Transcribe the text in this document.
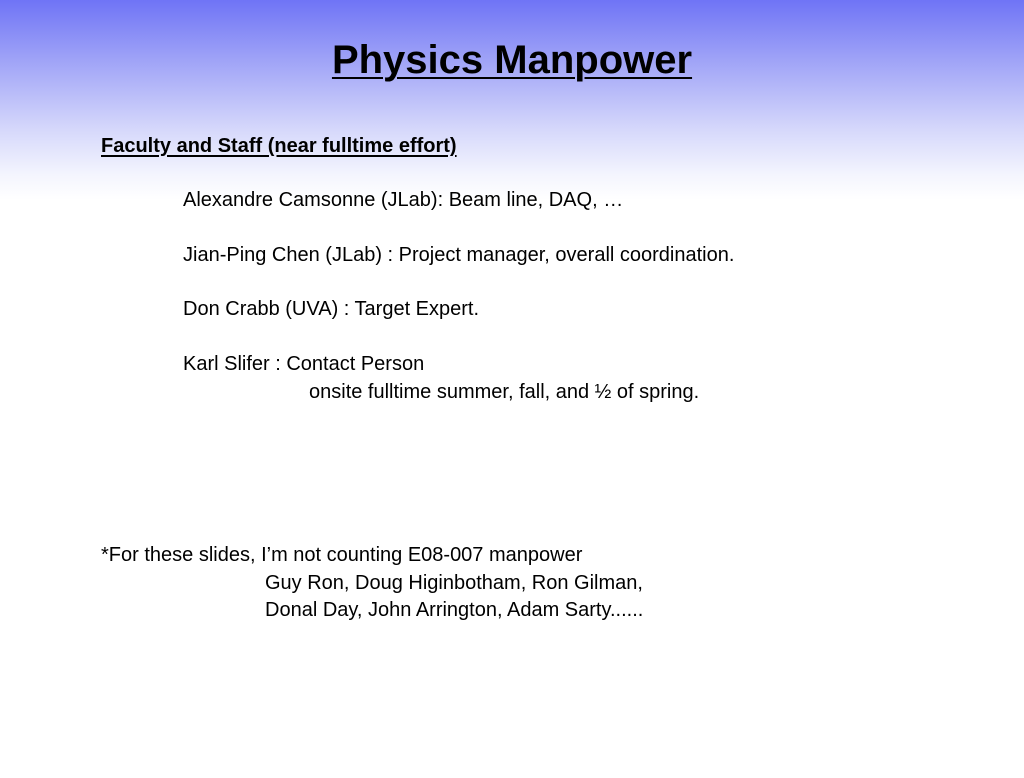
Physics Manpower
Faculty and Staff (near fulltime effort)
Alexandre Camsonne (JLab): Beam line, DAQ, …
Jian-Ping Chen (JLab) : Project manager, overall coordination.
Don Crabb (UVA) : Target Expert.
Karl Slifer : Contact Person
onsite fulltime summer, fall, and ½ of spring.
*For these slides, I’m not counting E08-007 manpower
Guy Ron, Doug Higinbotham, Ron Gilman,
Donal Day, John Arrington, Adam Sarty......
